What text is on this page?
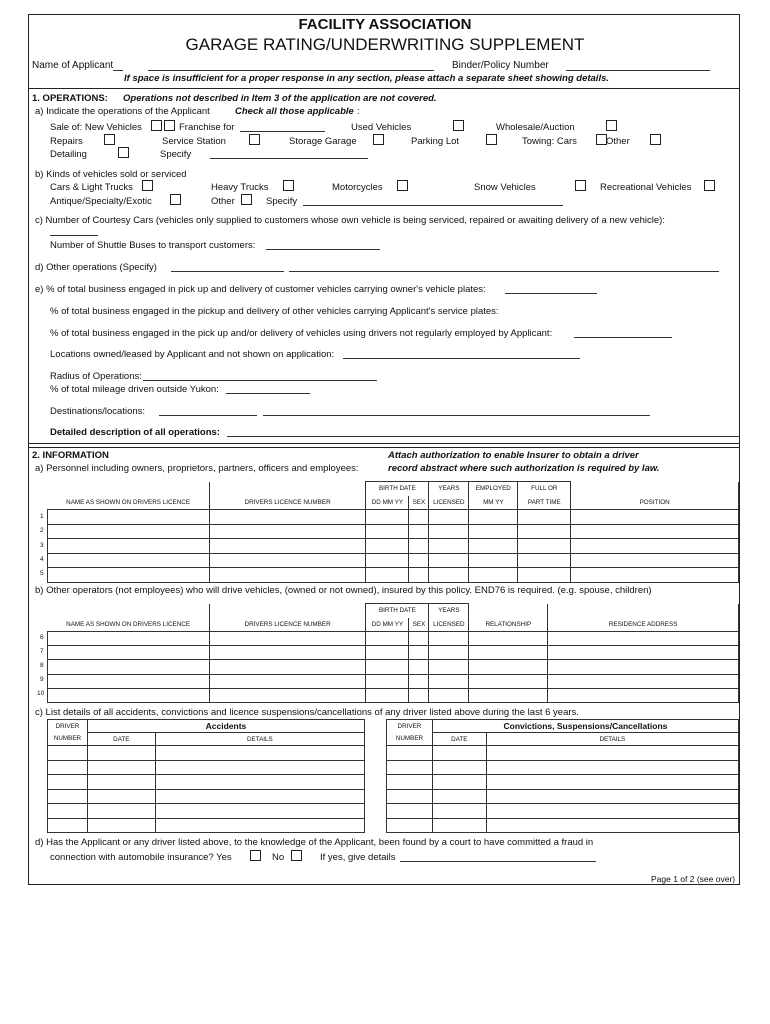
FACILITY ASSOCIATION
GARAGE RATING/UNDERWRITING SUPPLEMENT
Name of Applicant	Binder/Policy Number
If space is insufficient for a proper response in any section, please attach a separate sheet showing details.
1. OPERATIONS: Operations not described in Item 3 of the application are not covered.
a) Indicate the operations of the Applicant	Check all those applicable :
Sale of: New Vehicles	Franchise for	Used Vehicles	Wholesale/Auction
Repairs	Service Station	Storage Garage	Parking Lot	Towing: Cars	Other
Detailing	Specify
b) Kinds of vehicles sold or serviced
Cars & Light Trucks	Heavy Trucks	Motorcycles	Snow Vehicles	Recreational Vehicles
Antique/Specialty/Exotic	Other	Specify
c) Number of Courtesy Cars (vehicles only supplied to customers whose own vehicle is being serviced, repaired or awaiting delivery of a new vehicle):
Number of Shuttle Buses to transport customers:
d) Other operations (Specify)
e) % of total business engaged in pick up and delivery of customer vehicles carrying owner's vehicle plates:
% of total business engaged in the pickup and delivery of other vehicles carrying Applicant's service plates:
% of total business engaged in the pick up and/or delivery of vehicles using drivers not regularly employed by Applicant:
Locations owned/leased by Applicant and not shown on application:
Radius of Operations:
% of total mileage driven outside Yukon:
Destinations/locations:
Detailed description of all operations:
2. INFORMATION	Attach authorization to enable Insurer to obtain a driver
a) Personnel including owners, proprietors, partners, officers and employees:	record abstract where such authorization is required by law.
		BIRTH DATE		YEARS	EMPLOYED	FULL OR	
NAME AS SHOWN ON DRIVERS LICENCE	DRIVERS LICENCE NUMBER	DD MM YY	SEX	LICENSED	MM YY	PART TIME	POSITION

1
2
3
4
5
b) Other operators (not employees) who will drive vehicles, (owned or not owned), insured by this policy. END76 is required. (e.g. spouse, children)
		BIRTH DATE		YEARS		
NAME AS SHOWN ON DRIVERS LICENCE	DRIVERS LICENCE NUMBER	DD MM YY	SEX	LICENSED	RELATIONSHIP	RESIDENCE ADDRESS

6
7
8
9
10
c) List details of all accidents, convictions and licence suspensions/cancellations of any driver listed above during the last 6 years.
DRIVER	Accidents	
NUMBER	DATE	DETAILS

DRIVER	Convictions, Suspensions/Cancellations	
NUMBER	DATE	DETAILS

d) Has the Applicant or any driver listed above, to the knowledge of the Applicant, been found by a court to have committed a fraud in
connection with automobile insurance? Yes	No	If yes, give details
Page 1 of 2 (see over)
